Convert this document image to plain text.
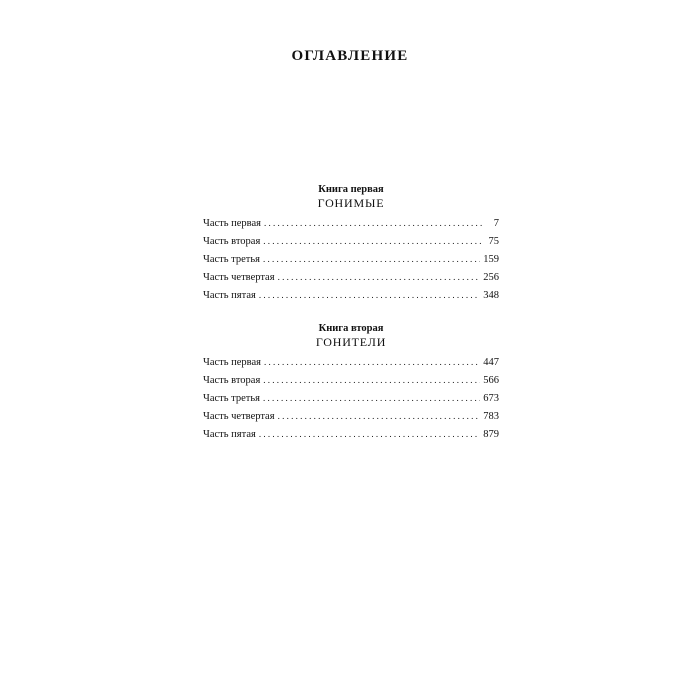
ОГЛАВЛЕНИЕ
Книга первая
ГОНИМЫЕ
Часть первая . . .	7
Часть вторая . . .	75
Часть третья . . .	159
Часть четвертая . . .	256
Часть пятая . . .	348
Книга вторая
ГОНИТЕЛИ
Часть первая . . .	447
Часть вторая . . .	566
Часть третья . . .	673
Часть четвертая . . .	783
Часть пятая . . .	879
